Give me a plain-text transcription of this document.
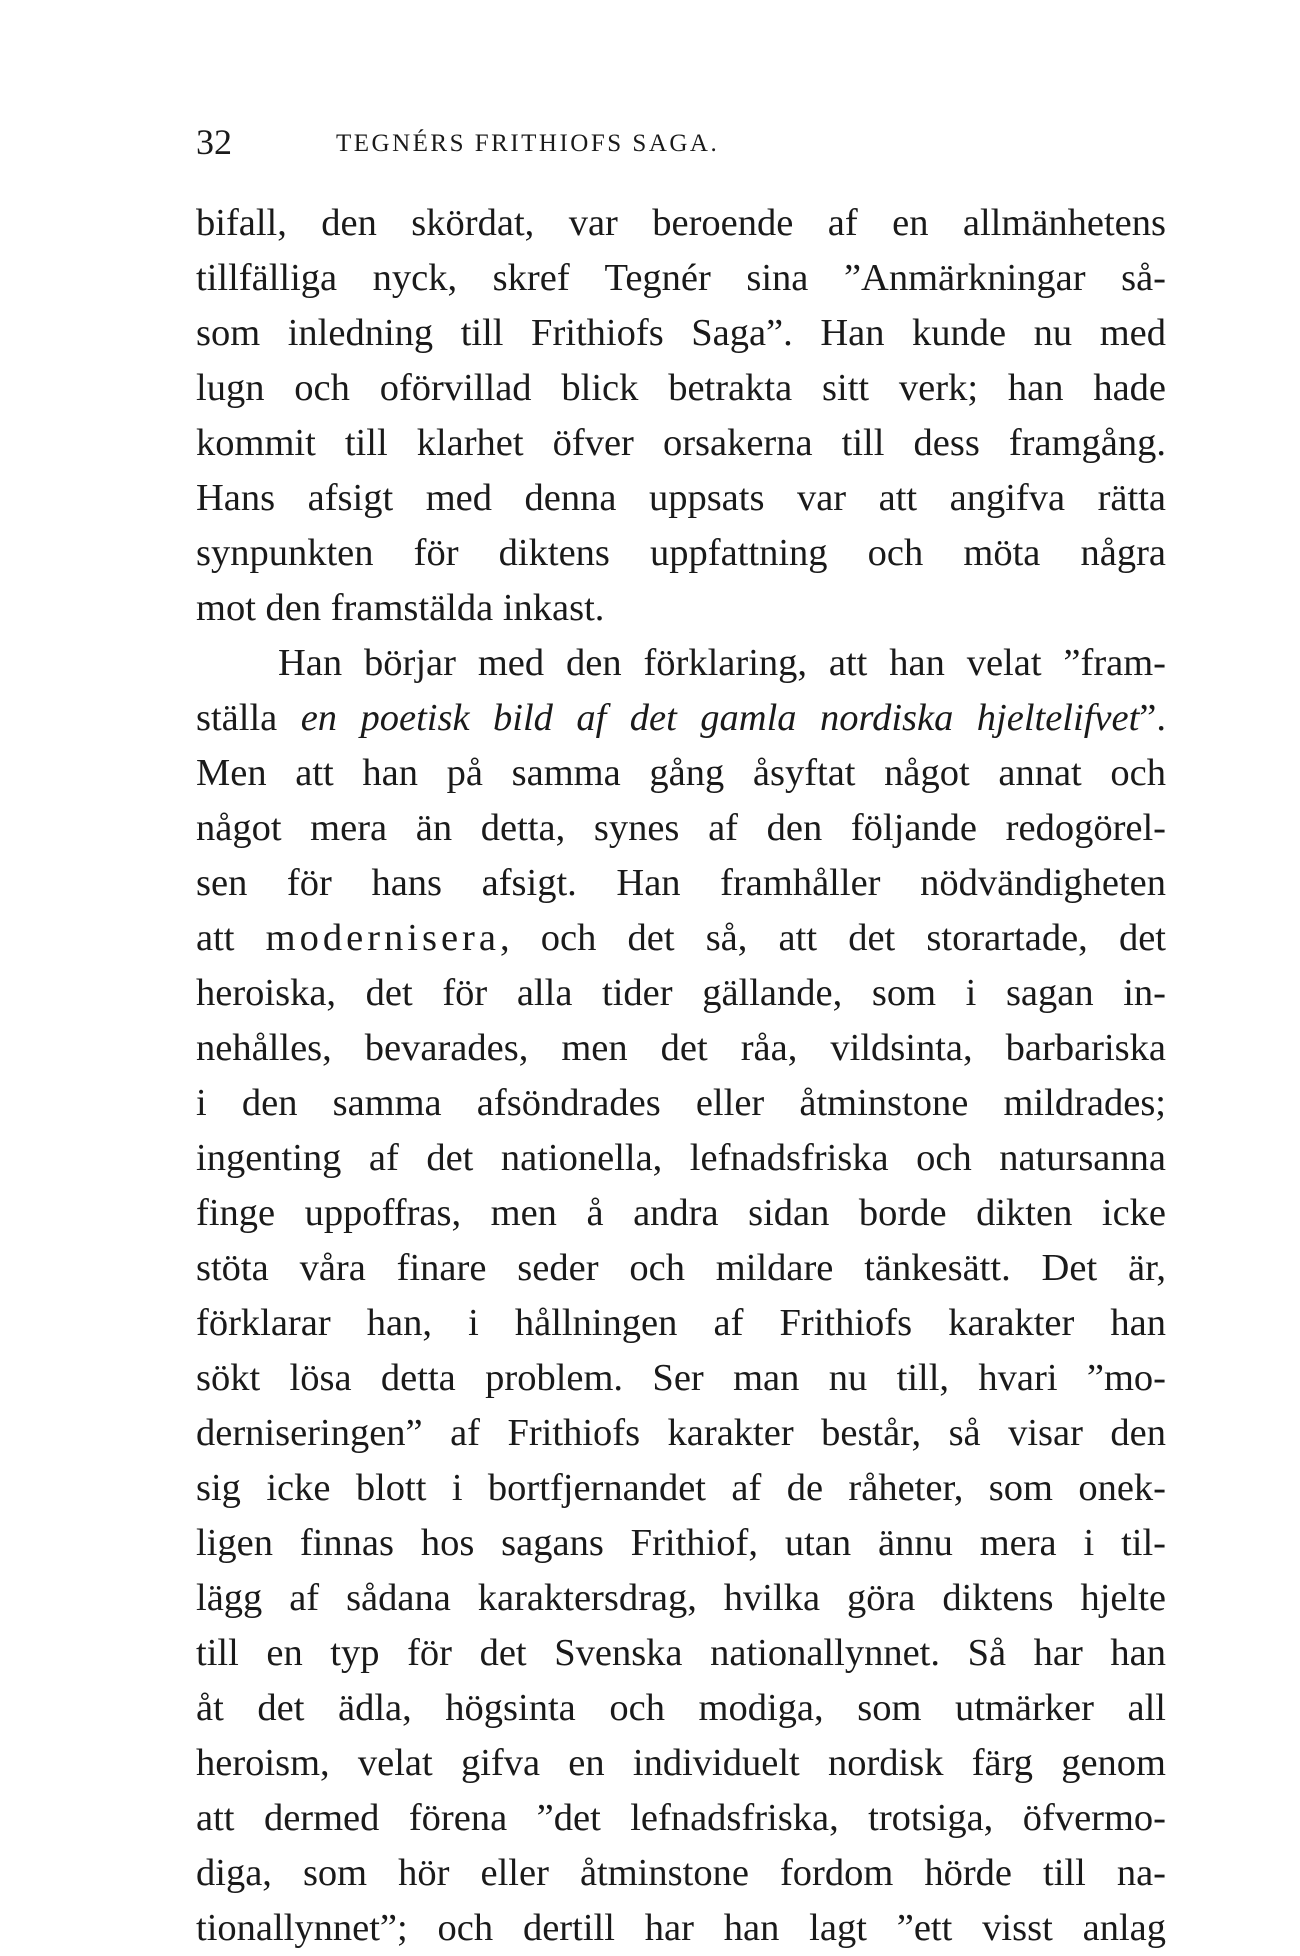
32	TEGNÉRS FRITHIOFS SAGA.
bifall, den skördat, var beroende af en allmänhetens
tillfälliga nyck, skref Tegnér sina ”Anmärkningar så-
som inledning till Frithiofs Saga”. Han kunde nu med
lugn och oförvillad blick betrakta sitt verk; han hade
kommit till klarhet öfver orsakerna till dess framgång.
Hans afsigt med denna uppsats var att angifva rätta
synpunkten för diktens uppfattning och möta några
mot den framstälda inkast.
Han börjar med den förklaring, att han velat ”fram-
ställa en poetisk bild af det gamla nordiska hjeltelifvet”.
Men att han på samma gång åsyftat något annat och
något mera än detta, synes af den följande redogörel-
sen för hans afsigt. Han framhåller nödvändigheten
att modernisera, och det så, att det storartade, det
heroiska, det för alla tider gällande, som i sagan in-
nehålles, bevarades, men det råa, vildsinta, barbariska
i den samma afsöndrades eller åtminstone mildrades;
ingenting af det nationella, lefnadsfriska och natursanna
finge uppoffras, men å andra sidan borde dikten icke
stöta våra finare seder och mildare tänkesätt. Det är,
förklarar han, i hållningen af Frithiofs karakter han
sökt lösa detta problem. Ser man nu till, hvari ”mo-
derniseringen” af Frithiofs karakter består, så visar den
sig icke blott i bortfjernandet af de råheter, som onek-
ligen finnas hos sagans Frithiof, utan ännu mera i til-
lägg af sådana karaktersdrag, hvilka göra diktens hjelte
till en typ för det Svenska nationallynnet. Så har han
åt det ädla, högsinta och modiga, som utmärker all
heroism, velat gifva en individuelt nordisk färg genom
att dermed förena ”det lefnadsfriska, trotsiga, öfvermo-
diga, som hör eller åtminstone fordom hörde till na-
tionallynnet”; och dertill har han lagt ”ett visst anlag
